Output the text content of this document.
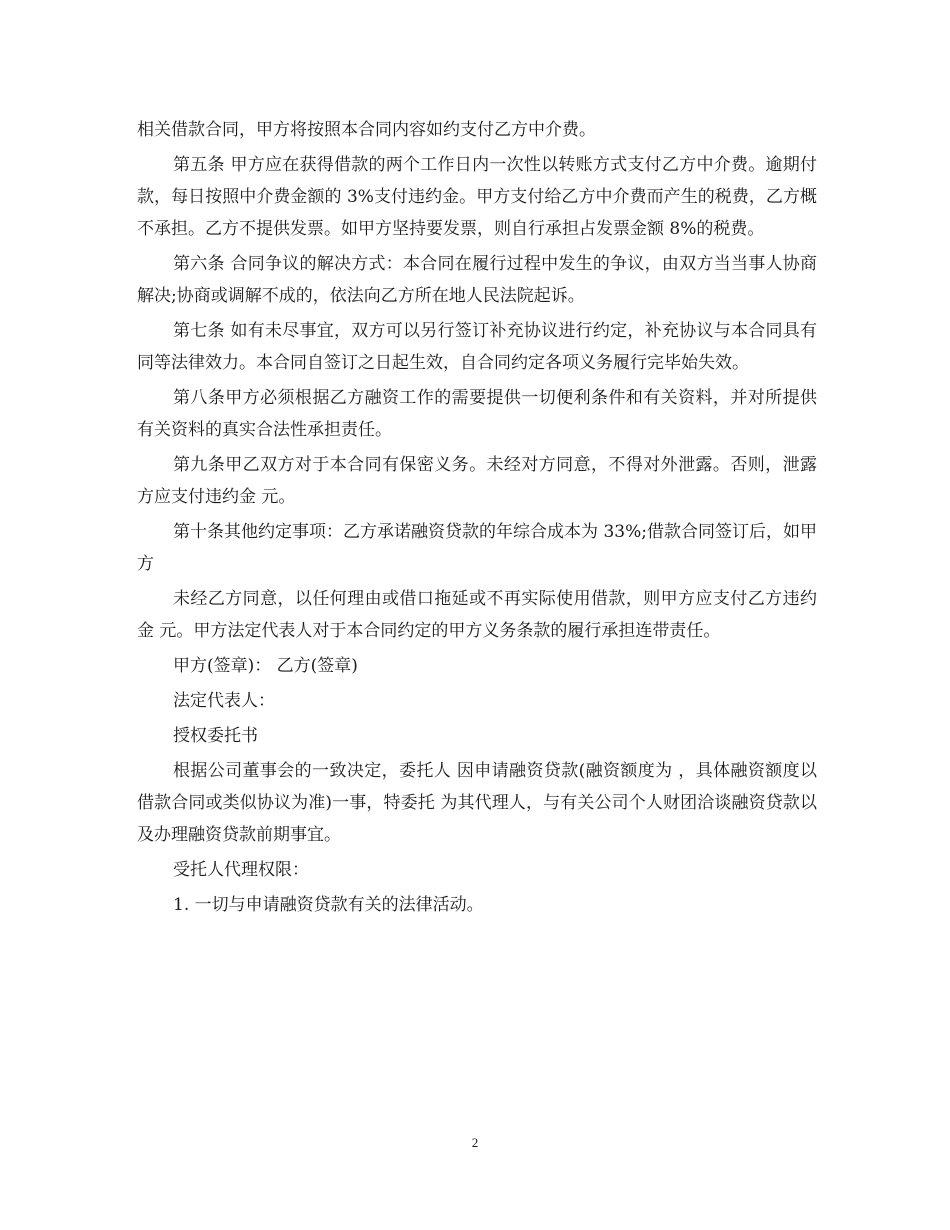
相关借款合同，甲方将按照本合同内容如约支付乙方中介费。

第五条 甲方应在获得借款的两个工作日内一次性以转账方式支付乙方中介费。逾期付款，每日按照中介费金额的 3%支付违约金。甲方支付给乙方中介费而产生的税费，乙方概不承担。乙方不提供发票。如甲方坚持要发票，则自行承担占发票金额 8%的税费。

第六条 合同争议的解决方式：本合同在履行过程中发生的争议，由双方当当事人协商解决;协商或调解不成的，依法向乙方所在地人民法院起诉。

第七条 如有未尽事宜，双方可以另行签订补充协议进行约定，补充协议与本合同具有同等法律效力。本合同自签订之日起生效，自合同约定各项义务履行完毕始失效。

第八条甲方必须根据乙方融资工作的需要提供一切便利条件和有关资料，并对所提供有关资料的真实合法性承担责任。

第九条甲乙双方对于本合同有保密义务。未经对方同意，不得对外泄露。否则，泄露方应支付违约金 元。

第十条其他约定事项：乙方承诺融资贷款的年综合成本为 33%;借款合同签订后，如甲方

未经乙方同意，以任何理由或借口拖延或不再实际使用借款，则甲方应支付乙方违约金 元。甲方法定代表人对于本合同约定的甲方义务条款的履行承担连带责任。

甲方(签章)： 乙方(签章)

法定代表人：

授权委托书

根据公司董事会的一致决定，委托人 因申请融资贷款(融资额度为 ，具体融资额度以借款合同或类似协议为准)一事，特委托 为其代理人，与有关公司个人财团洽谈融资贷款以及办理融资贷款前期事宜。

受托人代理权限：

1. 一切与申请融资贷款有关的法律活动。

2
